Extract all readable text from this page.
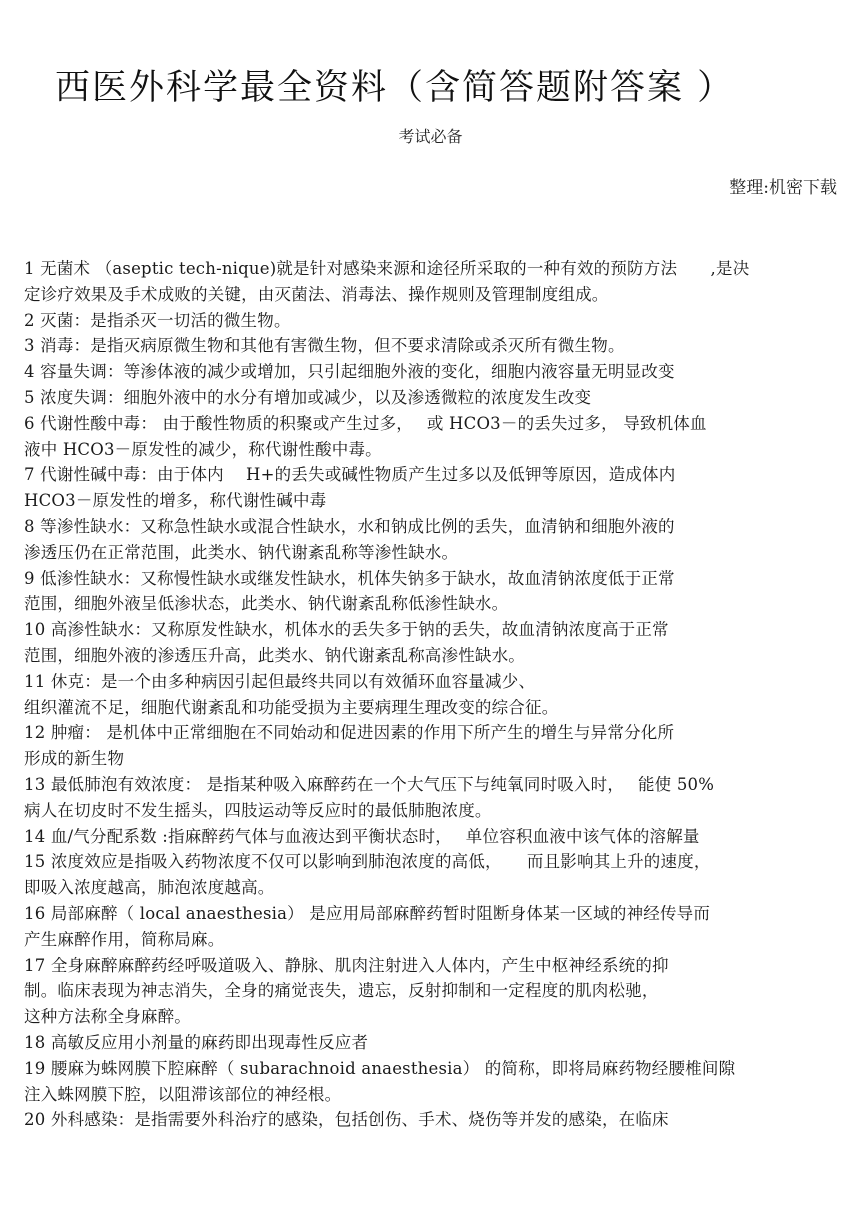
西医外科学最全资料（含简答题附答案 ）
考试必备
整理:机密下载
1 无菌术 （aseptic tech-nique)就是针对感染来源和途径所采取的一种有效的预防方法　　,是决
定诊疗效果及手术成败的关键，由灭菌法、消毒法、操作规则及管理制度组成。
2 灭菌：是指杀灭一切活的微生物。
3 消毒：是指灭病原微生物和其他有害微生物，但不要求清除或杀灭所有微生物。
4 容量失调：等渗体液的减少或增加，只引起细胞外液的变化，细胞内液容量无明显改变
5 浓度失调：细胞外液中的水分有增加或减少，以及渗透微粒的浓度发生改变
6 代谢性酸中毒： 由于酸性物质的积聚或产生过多，　 或 HCO3－的丢失过多， 导致机体血
液中 HCO3－原发性的减少，称代谢性酸中毒。
7 代谢性碱中毒：由于体内　 H+的丢失或碱性物质产生过多以及低钾等原因，造成体内
HCO3－原发性的增多，称代谢性碱中毒
8 等渗性缺水：又称急性缺水或混合性缺水，水和钠成比例的丢失，血清钠和细胞外液的
渗透压仍在正常范围，此类水、钠代谢紊乱称等渗性缺水。
9 低渗性缺水：又称慢性缺水或继发性缺水，机体失钠多于缺水，故血清钠浓度低于正常
范围，细胞外液呈低渗状态，此类水、钠代谢紊乱称低渗性缺水。
10 高渗性缺水：又称原发性缺水，机体水的丢失多于钠的丢失，故血清钠浓度高于正常
范围，细胞外液的渗透压升高，此类水、钠代谢紊乱称高渗性缺水。
11 休克：是一个由多种病因引起但最终共同以有效循环血容量减少、
组织灌流不足，细胞代谢紊乱和功能受损为主要病理生理改变的综合征。
12 肿瘤： 是机体中正常细胞在不同始动和促进因素的作用下所产生的增生与异常分化所
形成的新生物
13 最低肺泡有效浓度： 是指某种吸入麻醉药在一个大气压下与纯氧同时吸入时，　 能使 50%
病人在切皮时不发生摇头，四肢运动等反应时的最低肺胞浓度。
14 血/气分配系数 :指麻醉药气体与血液达到平衡状态时，　 单位容积血液中该气体的溶解量
15 浓度效应是指吸入药物浓度不仅可以影响到肺泡浓度的高低，　　而且影响其上升的速度，
即吸入浓度越高，肺泡浓度越高。
16 局部麻醉（ local anaesthesia） 是应用局部麻醉药暂时阻断身体某一区域的神经传导而
产生麻醉作用，简称局麻。
17 全身麻醉麻醉药经呼吸道吸入、静脉、肌肉注射进入人体内，产生中枢神经系统的抑
制。临床表现为神志消失，全身的痛觉丧失，遗忘，反射抑制和一定程度的肌肉松驰，
这种方法称全身麻醉。
18 高敏反应用小剂量的麻药即出现毒性反应者
19 腰麻为蛛网膜下腔麻醉（ subarachnoid anaesthesia） 的简称，即将局麻药物经腰椎间隙
注入蛛网膜下腔，以阻滞该部位的神经根。
20 外科感染：是指需要外科治疗的感染，包括创伤、手术、烧伤等并发的感染，在临床
